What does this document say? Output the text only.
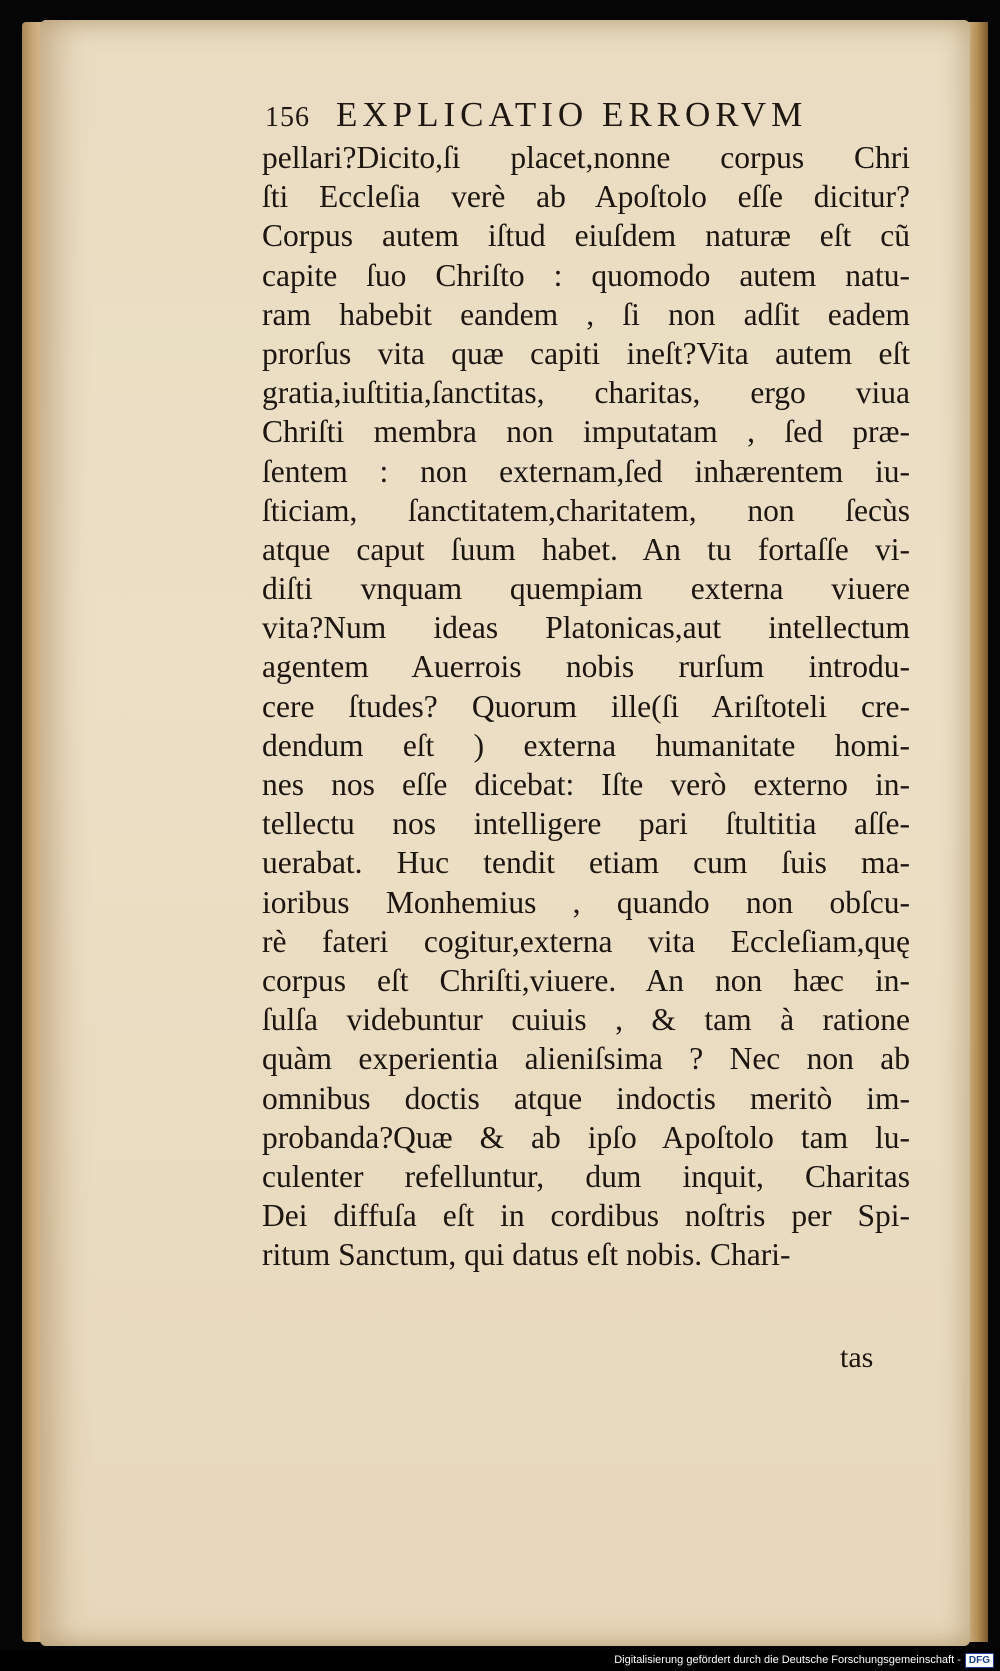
156 EXPLICATIO ERRORVM
pellari?Dicito,ſi placet,nonne corpus Chri
ſti Eccleſia verè ab Apoſtolo eſſe dicitur?
Corpus autem iſtud eiuſdem naturæ eſt cũ
capite ſuo Chriſto : quomodo autem natu-
ram habebit eandem , ſi non adſit eadem
prorſus vita quæ capiti ineſt?Vita autem eſt
gratia,iuſtitia,ſanctitas, charitas, ergo viua
Chriſti membra non imputatam , ſed præ-
ſentem : non externam,ſed inhærentem iu-
ſticiam, ſanctitatem,charitatem, non ſecùs
atque caput ſuum habet. An tu fortaſſe vi-
diſti vnquam quempiam externa viuere
vita?Num ideas Platonicas,aut intellectum
agentem Auerrois nobis rurſum introdu-
cere ſtudes? Quorum ille(ſi Ariſtoteli cre-
dendum eſt ) externa humanitate homi-
nes nos eſſe dicebat: Iſte verò externo in-
tellectu nos intelligere pari ſtultitia aſſe-
uerabat. Huc tendit etiam cum ſuis ma-
ioribus Monhemius , quando non obſcu-
rè fateri cogitur,externa vita Eccleſiam,quę
corpus eſt Chriſti,viuere. An non hæc in-
ſulſa videbuntur cuiuis , & tam à ratione
quàm experientia alieniſsima ? Nec non ab
omnibus doctis atque indoctis meritò im-
probanda?Quæ & ab ipſo Apoſtolo tam lu-
culenter refelluntur, dum inquit, Charitas
Dei diffuſa eſt in cordibus noſtris per Spi-
ritum Sanctum, qui datus eſt nobis. Chari-
tas
Digitalisierung gefördert durch die Deutsche Forschungsgemeinschaft - DFG
